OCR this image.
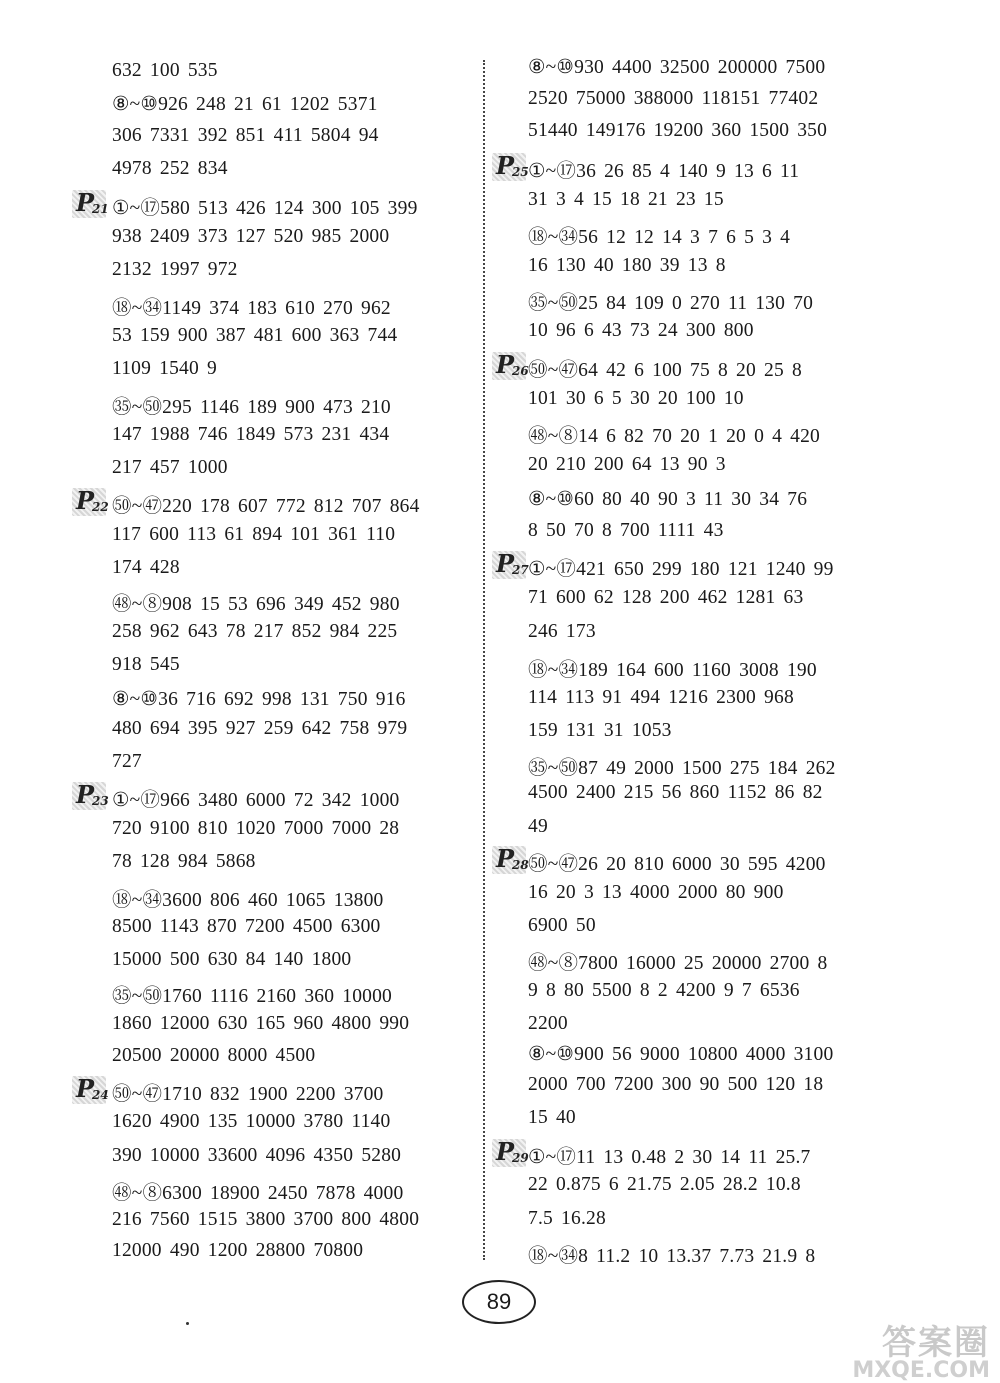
632 100 535
⑧~⑩926 248 21 61 1202 5371
306 7331 392 851 411 5804 94
4978 252 834
①~⑰580 513 426 124 300 105 399
P21
938 2409 373 127 520 985 2000
2132 1997 972
⑱~㉞1149 374 183 610 270 962
53 159 900 387 481 600 363 744
1109 1540 9
㉟~㊿295 1146 189 900 473 210
147 1988 746 1849 573 231 434
217 457 1000
㊿~㊼220 178 607 772 812 707 864
P22
117 600 113 61 894 101 361 110
174 428
㊽~⑧908 15 53 696 349 452 980
258 962 643 78 217 852 984 225
918 545
⑧~⑩36 716 692 998 131 750 916
480 694 395 927 259 642 758 979
727
①~⑰966 3480 6000 72 342 1000
P23
720 9100 810 1020 7000 7000 28
78 128 984 5868
⑱~㉞3600 806 460 1065 13800
8500 1143 870 7200 4500 6300
15000 500 630 84 140 1800
㉟~㊿1760 1116 2160 360 10000
1860 12000 630 165 960 4800 990
20500 20000 8000 4500
㊿~㊼1710 832 1900 2200 3700
P24
1620 4900 135 10000 3780 1140
390 10000 33600 4096 4350 5280
㊽~⑧6300 18900 2450 7878 4000
216 7560 1515 3800 3700 800 4800
12000 490 1200 28800 70800
⑧~⑩930 4400 32500 200000 7500
2520 75000 388000 118151 77402
51440 149176 19200 360 1500 350
①~⑰36 26 85 4 140 9 13 6 11
P25
31 3 4 15 18 21 23 15
⑱~㉞56 12 12 14 3 7 6 5 3 4
16 130 40 180 39 13 8
㉟~㊿25 84 109 0 270 11 130 70
10 96 6 43 73 24 300 800
㊿~㊼64 42 6 100 75 8 20 25 8
P26
101 30 6 5 30 20 100 10
㊽~⑧14 6 82 70 20 1 20 0 4 420
20 210 200 64 13 90 3
⑧~⑩60 80 40 90 3 11 30 34 76
8 50 70 8 700 1111 43
①~⑰421 650 299 180 121 1240 99
P27
71 600 62 128 200 462 1281 63
246 173
⑱~㉞189 164 600 1160 3008 190
114 113 91 494 1216 2300 968
159 131 31 1053
㉟~㊿87 49 2000 1500 275 184 262
4500 2400 215 56 860 1152 86 82
49
㊿~㊼26 20 810 6000 30 595 4200
P28
16 20 3 13 4000 2000 80 900
6900 50
㊽~⑧7800 16000 25 20000 2700 8
9 8 80 5500 8 2 4200 9 7 6536
2200
⑧~⑩900 56 9000 10800 4000 3100
2000 700 7200 300 90 500 120 18
15 40
①~⑰11 13 0.48 2 30 14 11 25.7
P29
22 0.875 6 21.75 2.05 28.2 10.8
7.5 16.28
⑱~㉞8 11.2 10 13.37 7.73 21.9 8
89
答案圈
MXQE.COM
